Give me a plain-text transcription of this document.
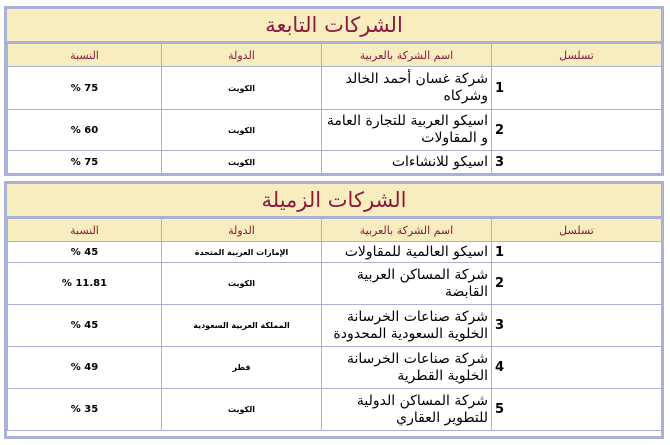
الشركات التابعة
تسلسل	اسم الشركة بالعربية	الدولة	النسبة
1	شركة غسان أحمد الخالد وشركاه	الكويت	75 %
2	اسيكو العربية للتجارة العامة و المقاولات	الكويت	60 %
3	اسيكو للانشاءات	الكويت	75 %
الشركات الزميلة
تسلسل	اسم الشركة بالعربية	الدولة	النسبة
1	اسيكو العالمية للمقاولات	الإمارات العربية المتحدة	45 %
2	شركة المساكن العربية القابضة	الكويت	11.81 %
3	شركة صناعات الخرسانة الخلوية السعودية المحدودة	المملكة العربية السعودية	45 %
4	شركة صناعات الخرسانة الخلوية القطرية	قطر	49 %
5	شركة المساكن الدولية للتطوير العقاري	الكويت	35 %
